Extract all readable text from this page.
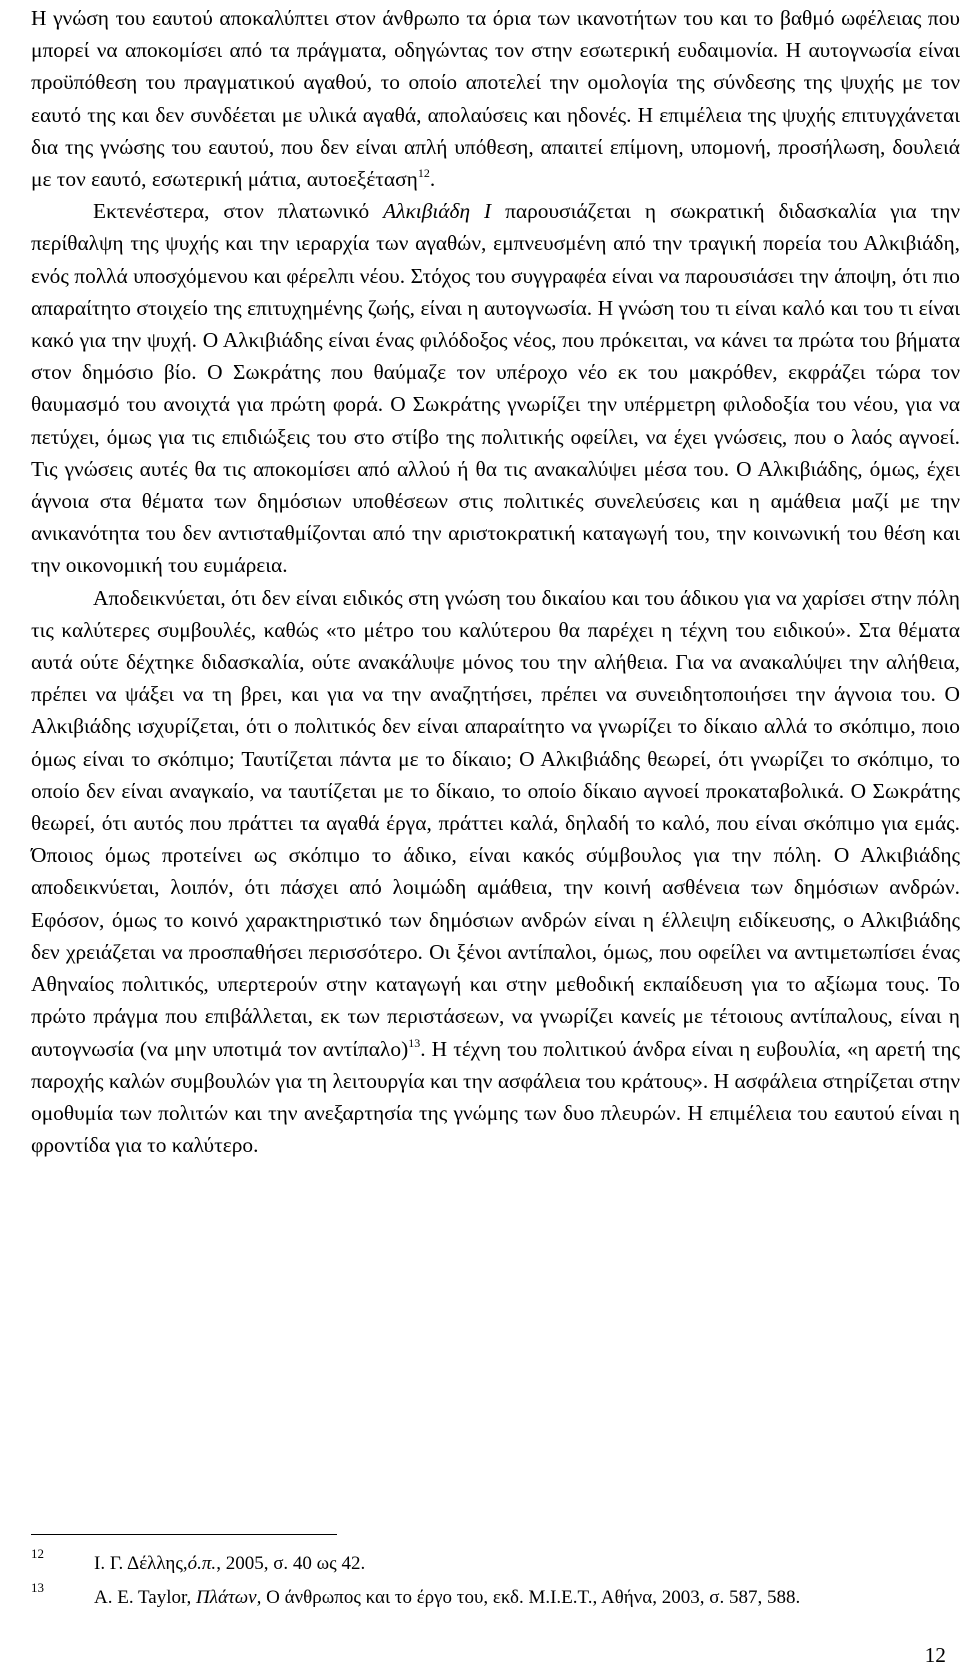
Η γνώση του εαυτού αποκαλύπτει στον άνθρωπο τα όρια των ικανοτήτων του και το βαθμό ωφέλειας που μπορεί να αποκομίσει από τα πράγματα, οδηγώντας τον στην εσωτερική ευδαιμονία. Η αυτογνωσία είναι προϋπόθεση του πραγματικού αγαθού, το οποίο αποτελεί την ομολογία της σύνδεσης της ψυχής με τον εαυτό της και δεν συνδέεται με υλικά αγαθά, απολαύσεις και ηδονές. Η επιμέλεια της ψυχής επιτυγχάνεται δια της γνώσης του εαυτού, που δεν είναι απλή υπόθεση, απαιτεί επίμονη, υπομονή, προσήλωση, δουλειά με τον εαυτό, εσωτερική μάτια, αυτοεξέταση$^{12}$.

Εκτενέστερα, στον πλατωνικό Αλκιβιάδη Ι παρουσιάζεται η σωκρατική διδασκαλία για την περίθαλψη της ψυχής και την ιεραρχία των αγαθών, εμπνευσμένη από την τραγική πορεία του Αλκιβιάδη, ενός πολλά υποσχόμενου και φέρελπι νέου. Στόχος του συγγραφέα είναι να παρουσιάσει την άποψη, ότι πιο απαραίτητο στοιχείο της επιτυχημένης ζωής, είναι η αυτογνωσία. Η γνώση του τι είναι καλό και του τι είναι κακό για την ψυχή. Ο Αλκιβιάδης είναι ένας φιλόδοξος νέος, που πρόκειται, να κάνει τα πρώτα του βήματα στον δημόσιο βίο. Ο Σωκράτης που θαύμαζε τον υπέροχο νέο εκ του μακρόθεν, εκφράζει τώρα τον θαυμασμό του ανοιχτά για πρώτη φορά. Ο Σωκράτης γνωρίζει την υπέρμετρη φιλοδοξία του νέου, για να πετύχει, όμως για τις επιδιώξεις του στο στίβο της πολιτικής οφείλει, να έχει γνώσεις, που ο λαός αγνοεί. Τις γνώσεις αυτές θα τις αποκομίσει από αλλού ή θα τις ανακαλύψει μέσα του. Ο Αλκιβιάδης, όμως, έχει άγνοια στα θέματα των δημόσιων υποθέσεων στις πολιτικές συνελεύσεις και η αμάθεια μαζί με την ανικανότητα του δεν αντισταθμίζονται από την αριστοκρατική καταγωγή του, την κοινωνική του θέση και την οικονομική του ευμάρεια.

Αποδεικνύεται, ότι δεν είναι ειδικός στη γνώση του δικαίου και του άδικου για να χαρίσει στην πόλη τις καλύτερες συμβουλές, καθώς «το μέτρο του καλύτερου θα παρέχει η τέχνη του ειδικού». Στα θέματα αυτά ούτε δέχτηκε διδασκαλία, ούτε ανακάλυψε μόνος του την αλήθεια. Για να ανακαλύψει την αλήθεια, πρέπει να ψάξει να τη βρει, και για να την αναζητήσει, πρέπει να συνειδητοποιήσει την άγνοια του. Ο Αλκιβιάδης ισχυρίζεται, ότι ο πολιτικός δεν είναι απαραίτητο να γνωρίζει το δίκαιο αλλά το σκόπιμο, ποιο όμως είναι το σκόπιμο; Ταυτίζεται πάντα με το δίκαιο; Ο Αλκιβιάδης θεωρεί, ότι γνωρίζει το σκόπιμο, το οποίο δεν είναι αναγκαίο, να ταυτίζεται με το δίκαιο, το οποίο δίκαιο αγνοεί προκαταβολικά. Ο Σωκράτης θεωρεί, ότι αυτός που πράττει τα αγαθά έργα, πράττει καλά, δηλαδή το καλό, που είναι σκόπιμο για εμάς. Όποιος όμως προτείνει ως σκόπιμο το άδικο, είναι κακός σύμβουλος για την πόλη. Ο Αλκιβιάδης αποδεικνύεται, λοιπόν, ότι πάσχει από λοιμώδη αμάθεια, την κοινή ασθένεια των δημόσιων ανδρών. Εφόσον, όμως το κοινό χαρακτηριστικό των δημόσιων ανδρών είναι η έλλειψη ειδίκευσης, ο Αλκιβιάδης δεν χρειάζεται να προσπαθήσει περισσότερο. Οι ξένοι αντίπαλοι, όμως, που οφείλει να αντιμετωπίσει ένας Αθηναίος πολιτικός, υπερτερούν στην καταγωγή και στην μεθοδική εκπαίδευση για το αξίωμα τους. Το πρώτο πράγμα που επιβάλλεται, εκ των περιστάσεων, να γνωρίζει κανείς με τέτοιους αντίπαλους, είναι η αυτογνωσία (να μην υποτιμά τον αντίπαλο)$^{13}$. Η τέχνη του πολιτικού άνδρα είναι η ευβουλία, «η αρετή της παροχής καλών συμβουλών για τη λειτουργία και την ασφάλεια του κράτους». Η ασφάλεια στηρίζεται στην ομοθυμία των πολιτών και την ανεξαρτησία της γνώμης των δυο πλευρών. Η επιμέλεια του εαυτού είναι η φροντίδα για το καλύτερο.

12	Ι. Γ. Δέλλης,ό.π., 2005, σ. 40 ως 42.
13	A. E. Taylor, Πλάτων, Ο άνθρωπος και το έργο του, εκδ. Μ.Ι.Ε.Τ., Αθήνα, 2003, σ. 587, 588.
12
